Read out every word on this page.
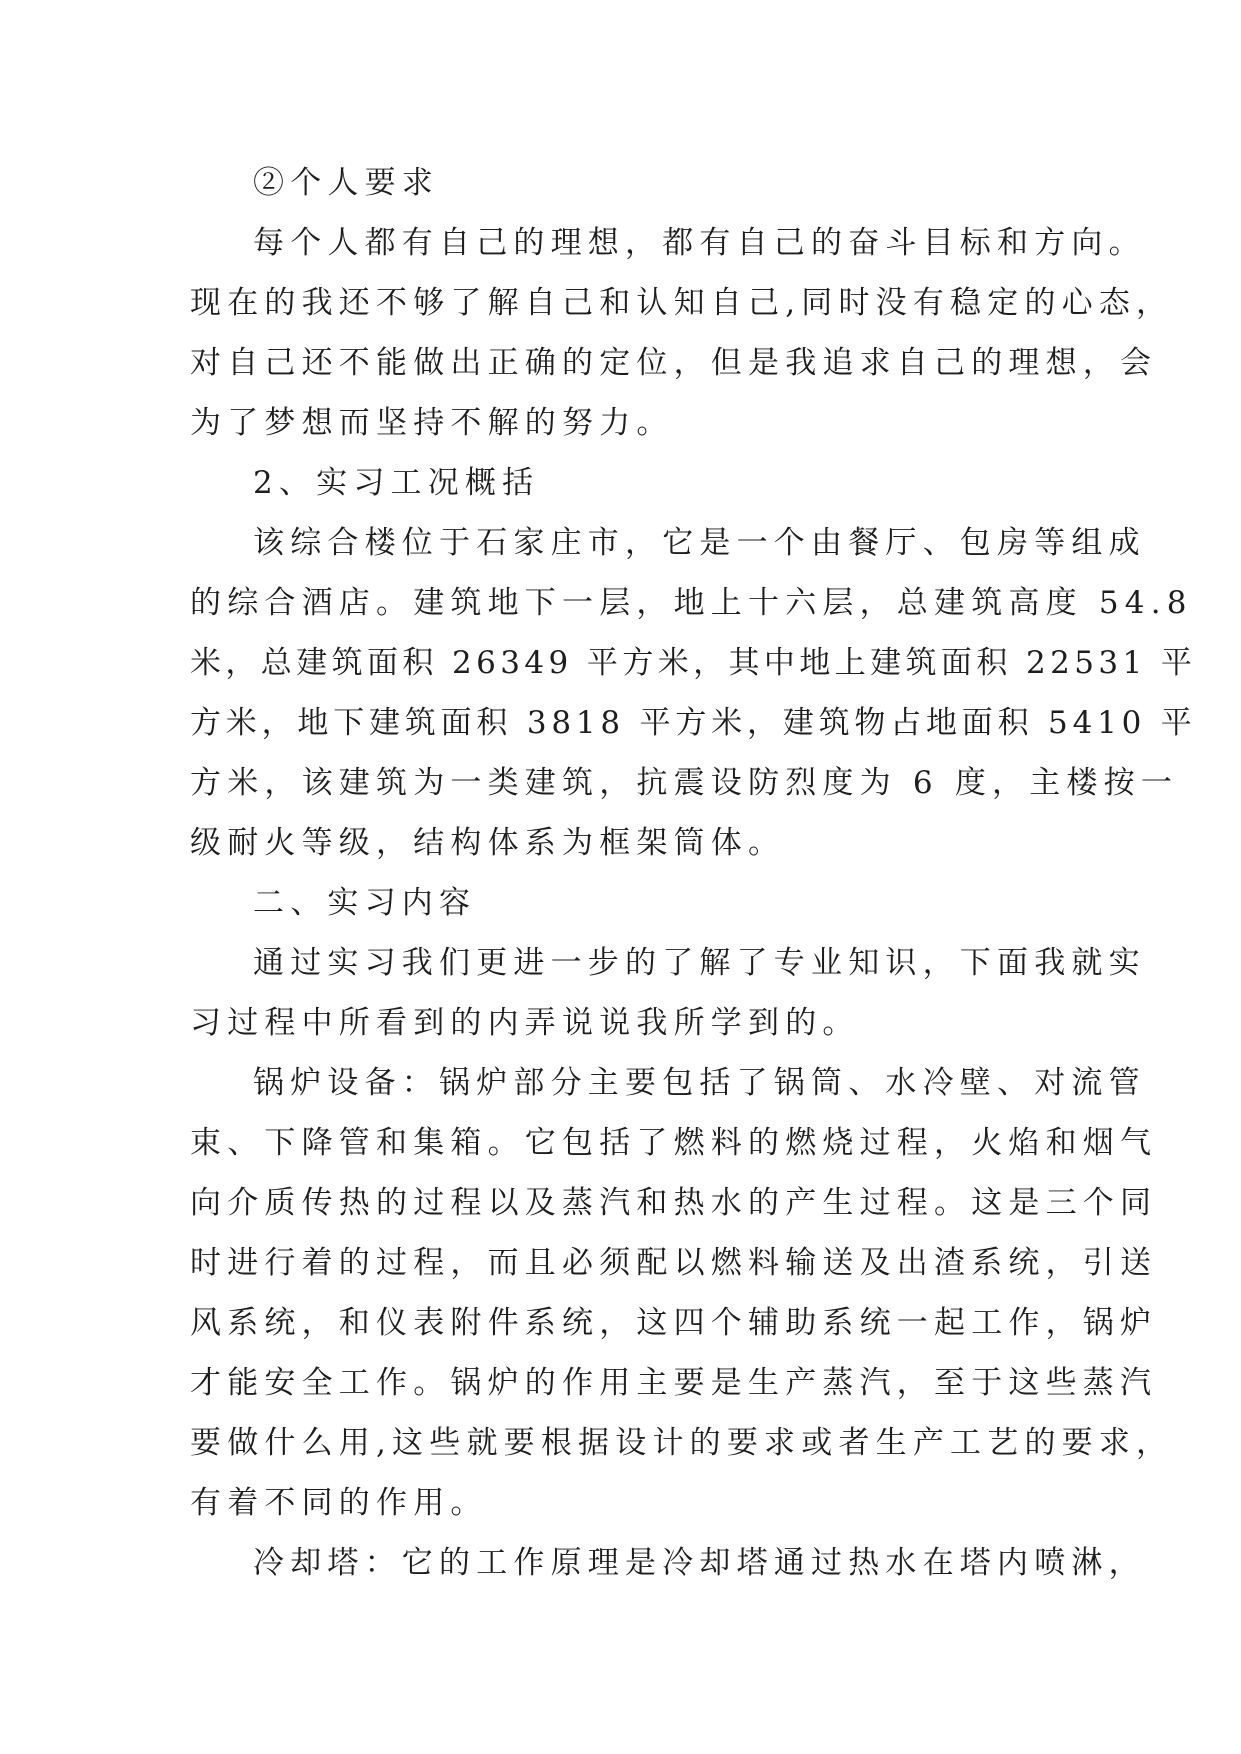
②个人要求
每个人都有自己的理想，都有自己的奋斗目标和方向。
现在的我还不够了解自己和认知自己,同时没有稳定的心态，
对自己还不能做出正确的定位，但是我追求自己的理想，会
为了梦想而坚持不解的努力。
2、实习工况概括
该综合楼位于石家庄市，它是一个由餐厅、包房等组成
的综合酒店。建筑地下一层，地上十六层，总建筑高度 54.8
米，总建筑面积 26349 平方米，其中地上建筑面积 22531 平
方米，地下建筑面积 3818 平方米，建筑物占地面积 5410 平
方米，该建筑为一类建筑，抗震设防烈度为 6 度，主楼按一
级耐火等级，结构体系为框架筒体。
二、实习内容
通过实习我们更进一步的了解了专业知识，下面我就实
习过程中所看到的内弄说说我所学到的。
锅炉设备：锅炉部分主要包括了锅筒、水冷壁、对流管
束、下降管和集箱。它包括了燃料的燃烧过程，火焰和烟气
向介质传热的过程以及蒸汽和热水的产生过程。这是三个同
时进行着的过程，而且必须配以燃料输送及出渣系统，引送
风系统，和仪表附件系统，这四个辅助系统一起工作，锅炉
才能安全工作。锅炉的作用主要是生产蒸汽，至于这些蒸汽
要做什么用,这些就要根据设计的要求或者生产工艺的要求，
有着不同的作用。
冷却塔：它的工作原理是冷却塔通过热水在塔内喷淋，
